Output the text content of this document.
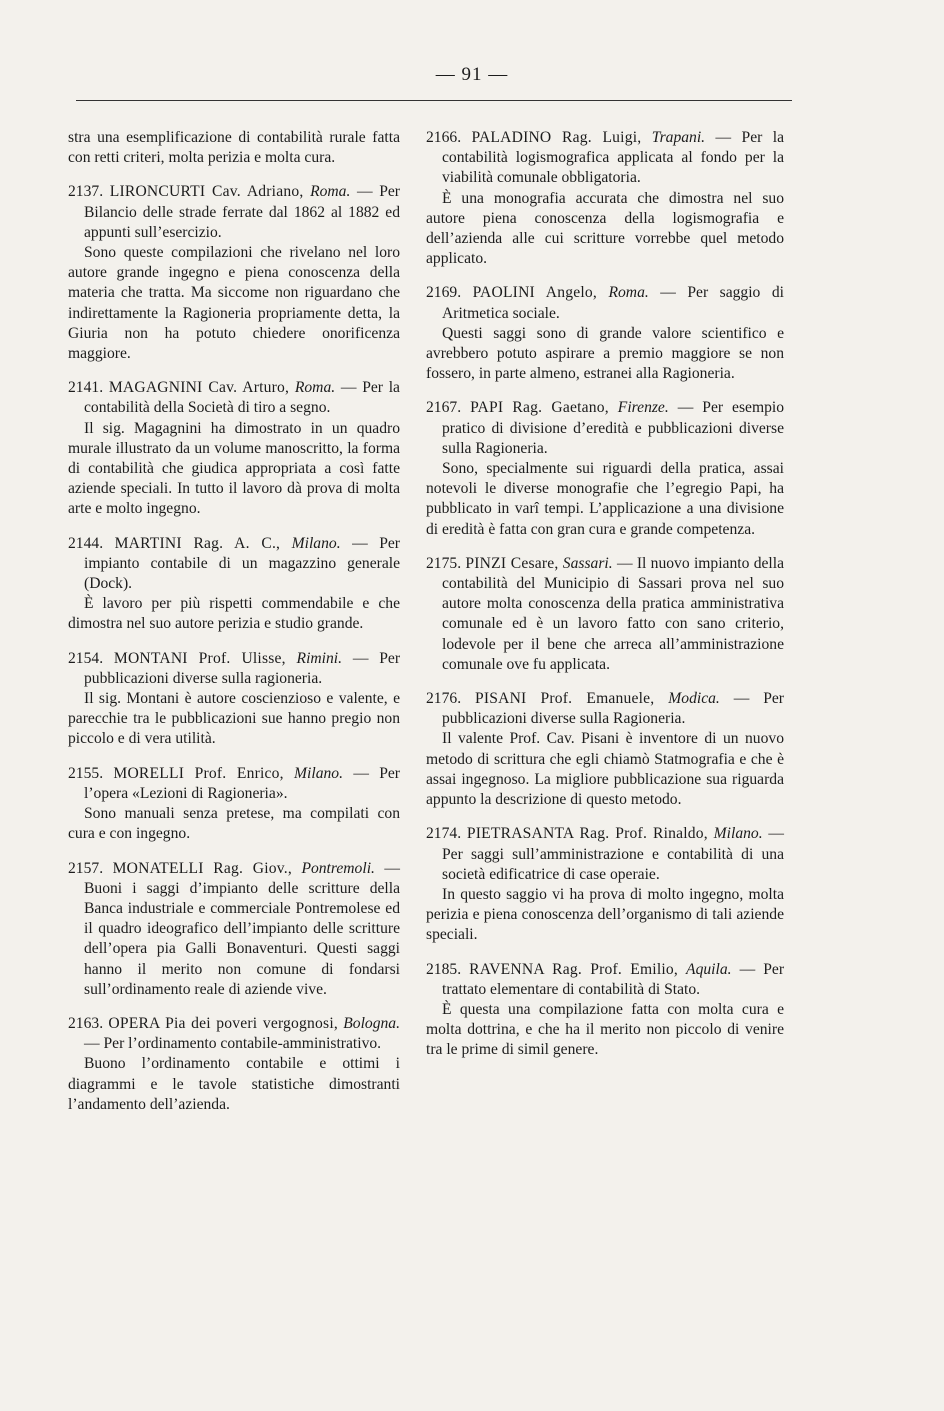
— 91 —

stra una esemplificazione di contabilità rurale fatta con retti criteri, molta perizia e molta cura.

2137. LIRONCURTI Cav. Adriano, Roma. — Per Bilancio delle strade ferrate dal 1862 al 1882 ed appunti sull’esercizio.
Sono queste compilazioni che rivelano nel loro autore grande ingegno e piena conoscenza della materia che tratta. Ma siccome non riguardano che indirettamente la Ragioneria propriamente detta, la Giuria non ha potuto chiedere onorificenza maggiore.
2141. MAGAGNINI Cav. Arturo, Roma. — Per la contabilità della Società di tiro a segno.
Il sig. Magagnini ha dimostrato in un quadro murale illustrato da un volume manoscritto, la forma di contabilità che giudica appropriata a così fatte aziende speciali. In tutto il lavoro dà prova di molta arte e molto ingegno.
2144. MARTINI Rag. A. C., Milano. — Per impianto contabile di un magazzino generale (Dock).
È lavoro per più rispetti commendabile e che dimostra nel suo autore perizia e studio grande.
2154. MONTANI Prof. Ulisse, Rimini. — Per pubblicazioni diverse sulla ragioneria.
Il sig. Montani è autore coscienzioso e valente, e parecchie tra le pubblicazioni sue hanno pregio non piccolo e di vera utilità.
2155. MORELLI Prof. Enrico, Milano. — Per l’opera «Lezioni di Ragioneria».
Sono manuali senza pretese, ma compilati con cura e con ingegno.
2157. MONATELLI Rag. Giov., Pontremoli. — Buoni i saggi d’impianto delle scritture della Banca industriale e commerciale Pontremolese ed il quadro ideografico dell’impianto delle scritture dell’opera pia Galli Bonaventuri. Questi saggi hanno il merito non comune di fondarsi sull’ordinamento reale di aziende vive.
2163. OPERA Pia dei poveri vergognosi, Bologna. — Per l’ordinamento contabile-amministrativo.
Buono l’ordinamento contabile e ottimi i diagrammi e le tavole statistiche dimostranti l’andamento dell’azienda.
2166. PALADINO Rag. Luigi, Trapani. — Per la contabilità logismografica applicata al fondo per la viabilità comunale obbligatoria.
È una monografia accurata che dimostra nel suo autore piena conoscenza della logismografia e dell’azienda alle cui scritture vorrebbe quel metodo applicato.
2169. PAOLINI Angelo, Roma. — Per saggio di Aritmetica sociale.
Questi saggi sono di grande valore scientifico e avrebbero potuto aspirare a premio maggiore se non fossero, in parte almeno, estranei alla Ragioneria.
2167. PAPI Rag. Gaetano, Firenze. — Per esempio pratico di divisione d’eredità e pubblicazioni diverse sulla Ragioneria.
Sono, specialmente sui riguardi della pratica, assai notevoli le diverse monografie che l’egregio Papi, ha pubblicato in varî tempi. L’applicazione a una divisione di eredità è fatta con gran cura e grande competenza.
2175. PINZI Cesare, Sassari. — Il nuovo impianto della contabilità del Municipio di Sassari prova nel suo autore molta conoscenza della pratica amministrativa comunale ed è un lavoro fatto con sano criterio, lodevole per il bene che arreca all’amministrazione comunale ove fu applicata.
2176. PISANI Prof. Emanuele, Modica. — Per pubblicazioni diverse sulla Ragioneria.
Il valente Prof. Cav. Pisani è inventore di un nuovo metodo di scrittura che egli chiamò Statmografia e che è assai ingegnoso. La migliore pubblicazione sua riguarda appunto la descrizione di questo metodo.
2174. PIETRASANTA Rag. Prof. Rinaldo, Milano. — Per saggi sull’amministrazione e contabilità di una società edificatrice di case operaie.
In questo saggio vi ha prova di molto ingegno, molta perizia e piena conoscenza dell’organismo di tali aziende speciali.
2185. RAVENNA Rag. Prof. Emilio, Aquila. — Per trattato elementare di contabilità di Stato.
È questa una compilazione fatta con molta cura e molta dottrina, e che ha il merito non piccolo di venire tra le prime di simil genere.
